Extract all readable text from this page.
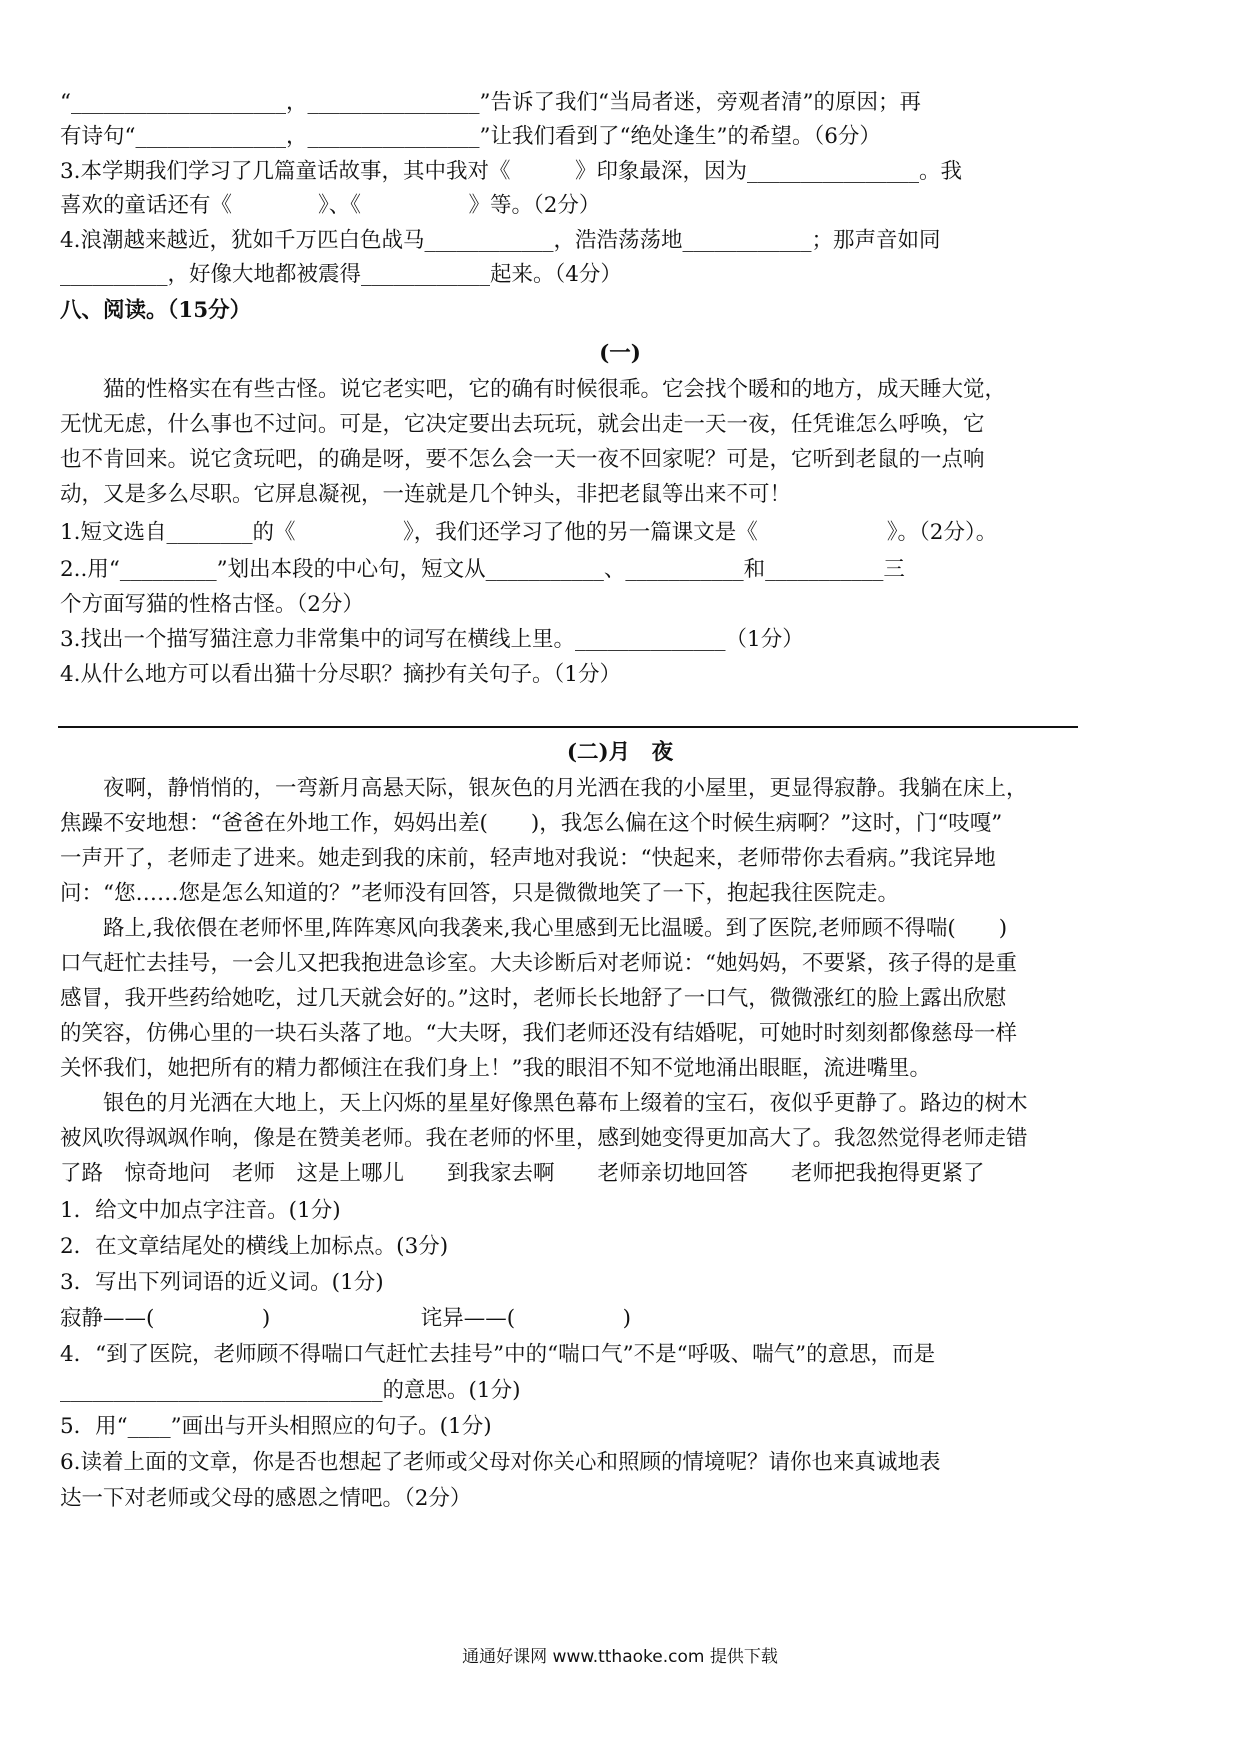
“____________________，________________”告诉了我们“当局者迷，旁观者清”的原因；再
有诗句“______________，________________”让我们看到了“绝处逢生”的希望。（6分）
3.本学期我们学习了几篇童话故事，其中我对《　　　》印象最深，因为________________。我
喜欢的童话还有《　　　　》、《　　　　　》等。（2分）
4.浪潮越来越近，犹如千万匹白色战马____________，浩浩荡荡地____________；那声音如同
__________，好像大地都被震得____________起来。（4分）
八、阅读。（15分）
(一)
　　猫的性格实在有些古怪。说它老实吧，它的确有时候很乖。它会找个暖和的地方，成天睡大觉，
无忧无虑，什么事也不过问。可是，它决定要出去玩玩，就会出走一天一夜，任凭谁怎么呼唤，它
也不肯回来。说它贪玩吧，的确是呀，要不怎么会一天一夜不回家呢？可是，它听到老鼠的一点响
动，又是多么尽职。它屏息凝视，一连就是几个钟头，非把老鼠等出来不可！
1.短文选自________的《　　　　　》，我们还学习了他的另一篇课文是《　　　　　　》。（2分）。
2..用“_________”划出本段的中心句，短文从___________、___________和___________三
个方面写猫的性格古怪。（2分）
3.找出一个描写猫注意力非常集中的词写在横线上里。______________（1分）
4.从什么地方可以看出猫十分尽职？摘抄有关句子。（1分）
(二)月　夜
　　夜啊，静悄悄的，一弯新月高悬天际，银灰色的月光洒在我的小屋里，更显得寂静。我躺在床上，
焦躁不安地想：“爸爸在外地工作，妈妈出差(　　)，我怎么偏在这个时候生病啊？”这时，门“吱嘎”
一声开了，老师走了进来。她走到我的床前，轻声地对我说：“快起来，老师带你去看病。”我诧异地
问：“您……您是怎么知道的？”老师没有回答，只是微微地笑了一下，抱起我往医院走。
　　路上,我依偎在老师怀里,阵阵寒风向我袭来,我心里感到无比温暖。到了医院,老师顾不得喘(　　)
口气赶忙去挂号，一会儿又把我抱进急诊室。大夫诊断后对老师说：“她妈妈，不要紧，孩子得的是重
感冒，我开些药给她吃，过几天就会好的。”这时，老师长长地舒了一口气，微微涨红的脸上露出欣慰
的笑容，仿佛心里的一块石头落了地。“大夫呀，我们老师还没有结婚呢，可她时时刻刻都像慈母一样
关怀我们，她把所有的精力都倾注在我们身上！”我的眼泪不知不觉地涌出眼眶，流进嘴里。
　　银色的月光洒在大地上，天上闪烁的星星好像黑色幕布上缀着的宝石，夜似乎更静了。路边的树木
被风吹得飒飒作响，像是在赞美老师。我在老师的怀里，感到她变得更加高大了。我忽然觉得老师走错
了路　惊奇地问　老师　这是上哪儿　　到我家去啊　　老师亲切地回答　　老师把我抱得更紧了
1．给文中加点字注音。(1分)
2．在文章结尾处的横线上加标点。(3分)
3．写出下列词语的近义词。(1分)
寂静——(　　　　　)　　　　　　　诧异——(　　　　　)
4．“到了医院，老师顾不得喘口气赶忙去挂号”中的“喘口气”不是“呼吸、喘气”的意思，而是
______________________________的意思。(1分)
5．用“____”画出与开头相照应的句子。(1分)
6.读着上面的文章，你是否也想起了老师或父母对你关心和照顾的情境呢？请你也来真诚地表
达一下对老师或父母的感恩之情吧。（2分）
通通好课网 www.tthaoke.com 提供下载
